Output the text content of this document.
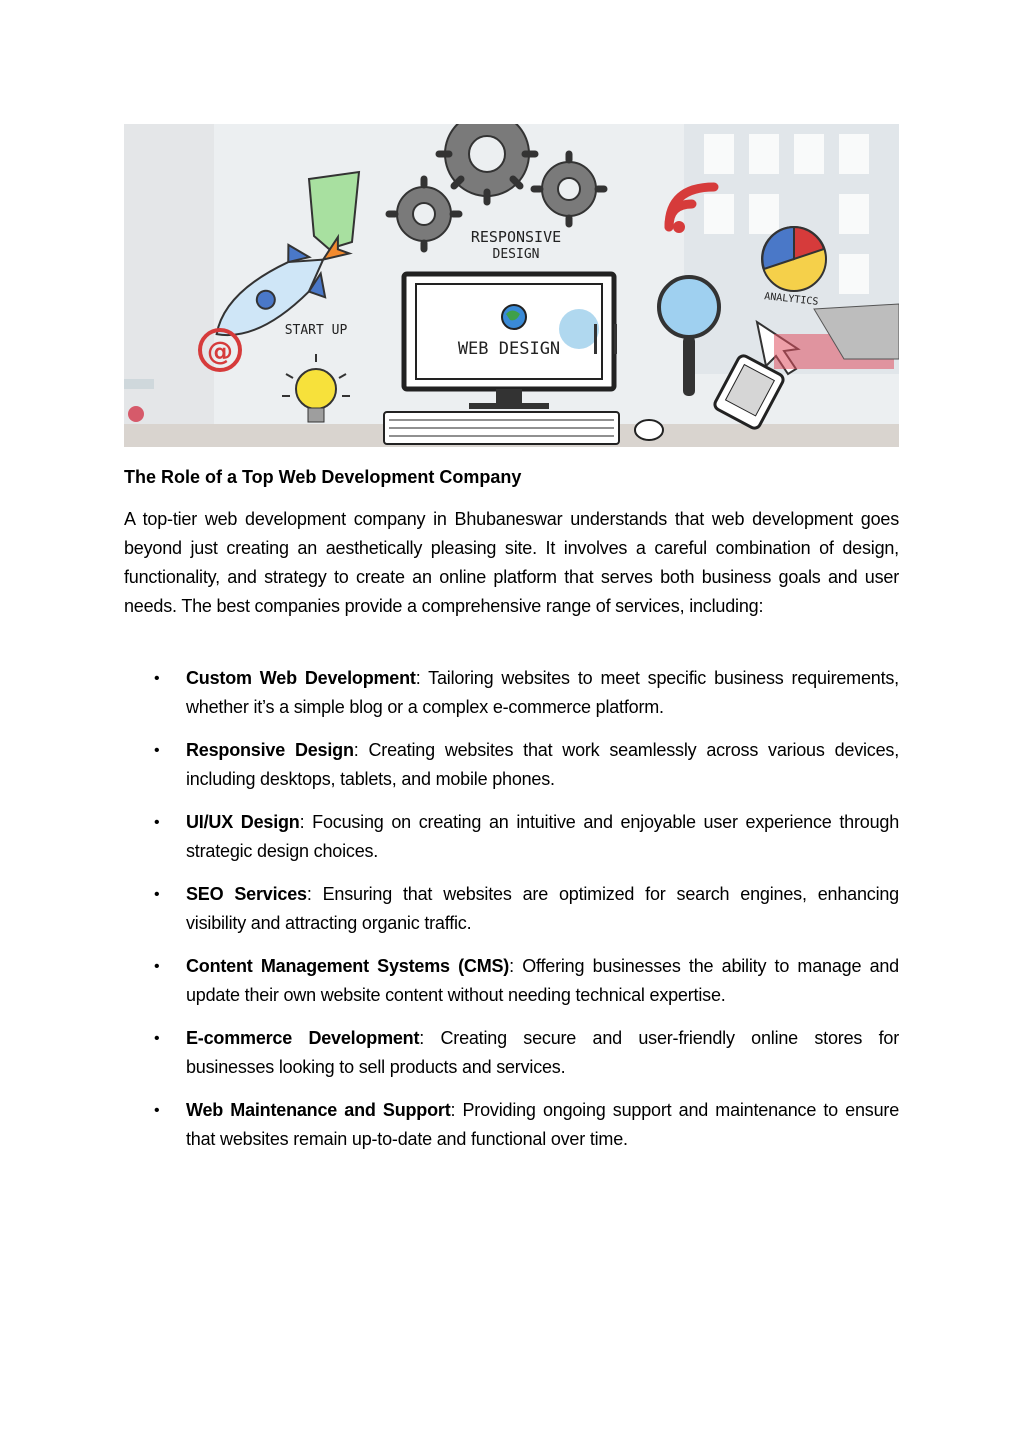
RESPONSIVE
DESIGN
WEB DESIGN
START UP
ANALYTICS
@
The Role of a Top Web Development Company

A top-tier web development company in Bhubaneswar understands that web development goes beyond just creating an aesthetically pleasing site. It involves a careful combination of design, functionality, and strategy to create an online platform that serves both business goals and user needs. The best companies provide a comprehensive range of services, including:

• Custom Web Development: Tailoring websites to meet specific business requirements, whether it’s a simple blog or a complex e-commerce platform.
• Responsive Design: Creating websites that work seamlessly across various devices, including desktops, tablets, and mobile phones.
• UI/UX Design: Focusing on creating an intuitive and enjoyable user experience through strategic design choices.
• SEO Services: Ensuring that websites are optimized for search engines, enhancing visibility and attracting organic traffic.
• Content Management Systems (CMS): Offering businesses the ability to manage and update their own website content without needing technical expertise.
• E-commerce Development: Creating secure and user-friendly online stores for businesses looking to sell products and services.
• Web Maintenance and Support: Providing ongoing support and maintenance to ensure that websites remain up-to-date and functional over time.
